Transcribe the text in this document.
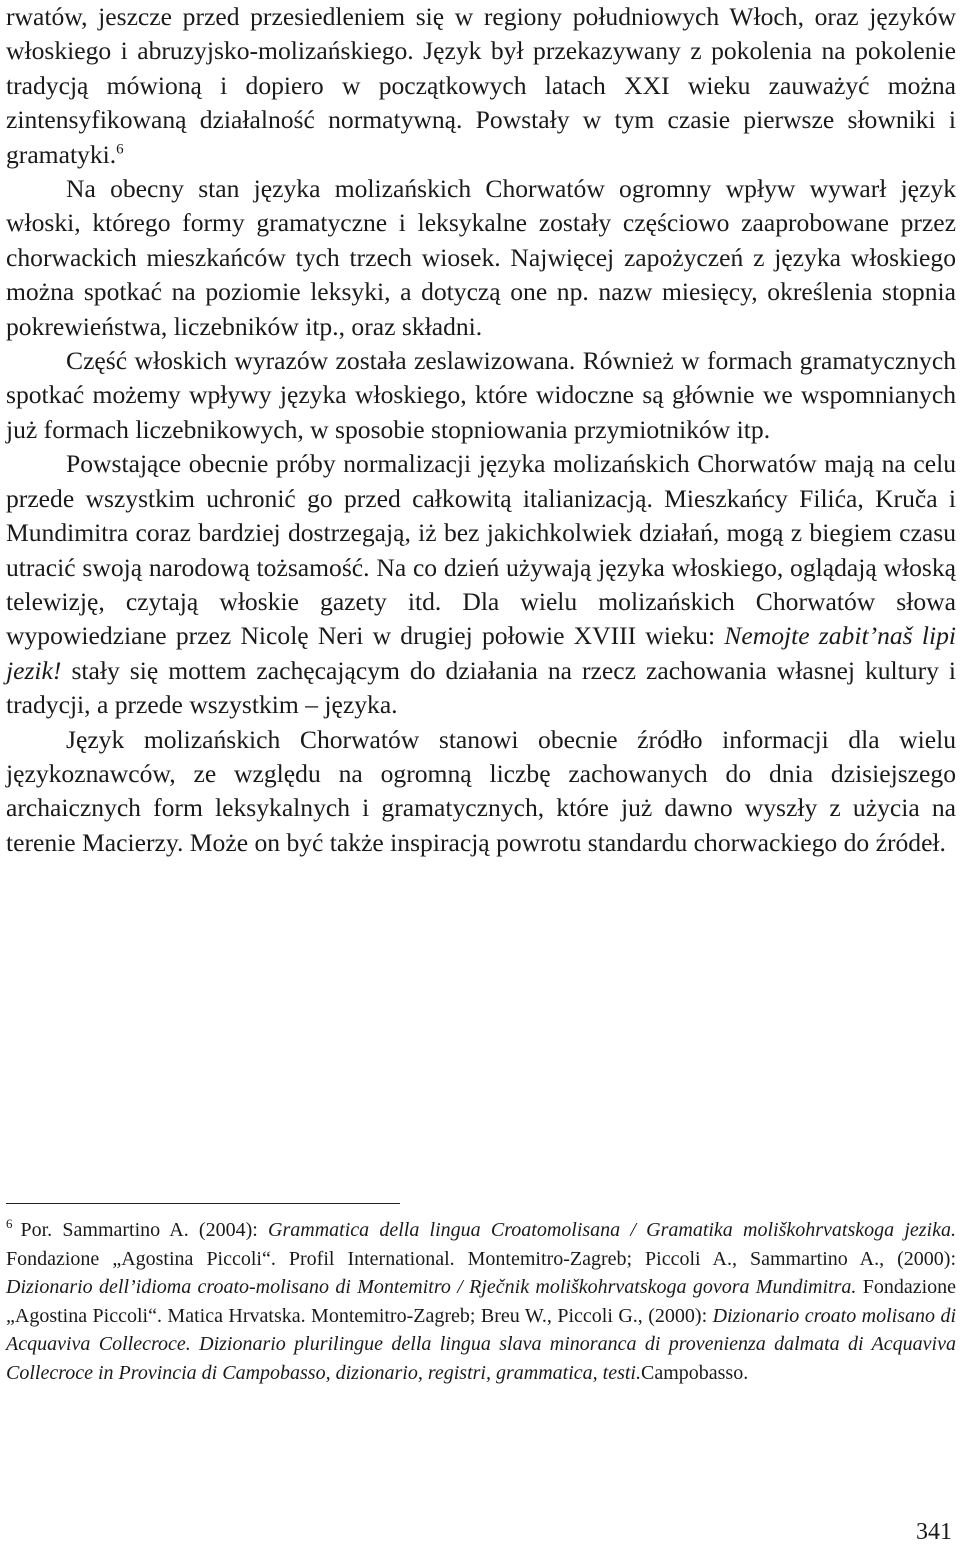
rwatów, jeszcze przed przesiedleniem się w regiony południowych Włoch, oraz języków włoskiego i abruzyjsko-molizańskiego. Język był przekazywany z pokolenia na pokolenie tradycją mówioną i dopiero w początkowych latach XXI wieku zauważyć można zintensyfikowaną działalność normatywną. Powstały w tym czasie pierwsze słowniki i gramatyki.$^6$

Na obecny stan języka molizańskich Chorwatów ogromny wpływ wywarł język włoski, którego formy gramatyczne i leksykalne zostały częściowo zaaprobowane przez chorwackich mieszkańców tych trzech wiosek. Najwięcej zapożyczeń z języka włoskiego można spotkać na poziomie leksyki, a dotyczą one np. nazw miesięcy, określenia stopnia pokrewieństwa, liczebników itp., oraz składni.

Część włoskich wyrazów została zeslawizowana. Również w formach gramatycznych spotkać możemy wpływy języka włoskiego, które widoczne są głównie we wspomnianych już formach liczebnikowych, w sposobie stopniowania przymiotników itp.

Powstające obecnie próby normalizacji języka molizańskich Chorwatów mają na celu przede wszystkim uchronić go przed całkowitą italianizacją. Mieszkańcy Filića, Kruča i Mundimitra coraz bardziej dostrzegają, iż bez jakichkolwiek działań, mogą z biegiem czasu utracić swoją narodową tożsamość. Na co dzień używają języka włoskiego, oglądają włoską telewizję, czytają włoskie gazety itd. Dla wielu molizańskich Chorwatów słowa wypowiedziane przez Nicolę Neri w drugiej połowie XVIII wieku: Nemojte zabit’naš lipi jezik! stały się mottem zachęcającym do działania na rzecz zachowania własnej kultury i tradycji, a przede wszystkim – języka.

Język molizańskich Chorwatów stanowi obecnie źródło informacji dla wielu językoznawców, ze względu na ogromną liczbę zachowanych do dnia dzisiejszego archaicznych form leksykalnych i gramatycznych, które już dawno wyszły z użycia na terenie Macierzy. Może on być także inspiracją powrotu standardu chorwackiego do źródeł.

$^6$ Por. Sammartino A. (2004): Grammatica della lingua Croatomolisana / Gramatika moliškohrvatskoga jezika. Fondazione „Agostina Piccoli“. Profil International. Montemitro-Zagreb; Piccoli A., Sammartino A., (2000): Dizionario dell’idioma croato-molisano di Montemitro / Rječnik moliškohrvatskoga govora Mundimitra. Fondazione „Agostina Piccoli“. Matica Hrvatska. Montemitro-Zagreb; Breu W., Piccoli G., (2000): Dizionario croato molisano di Acquaviva Collecroce. Dizionario plurilingue della lingua slava minoranca di provenienza dalmata di Acquaviva Collecroce in Provincia di Campobasso, dizionario, registri, grammatica, testi.Campobasso.
341
